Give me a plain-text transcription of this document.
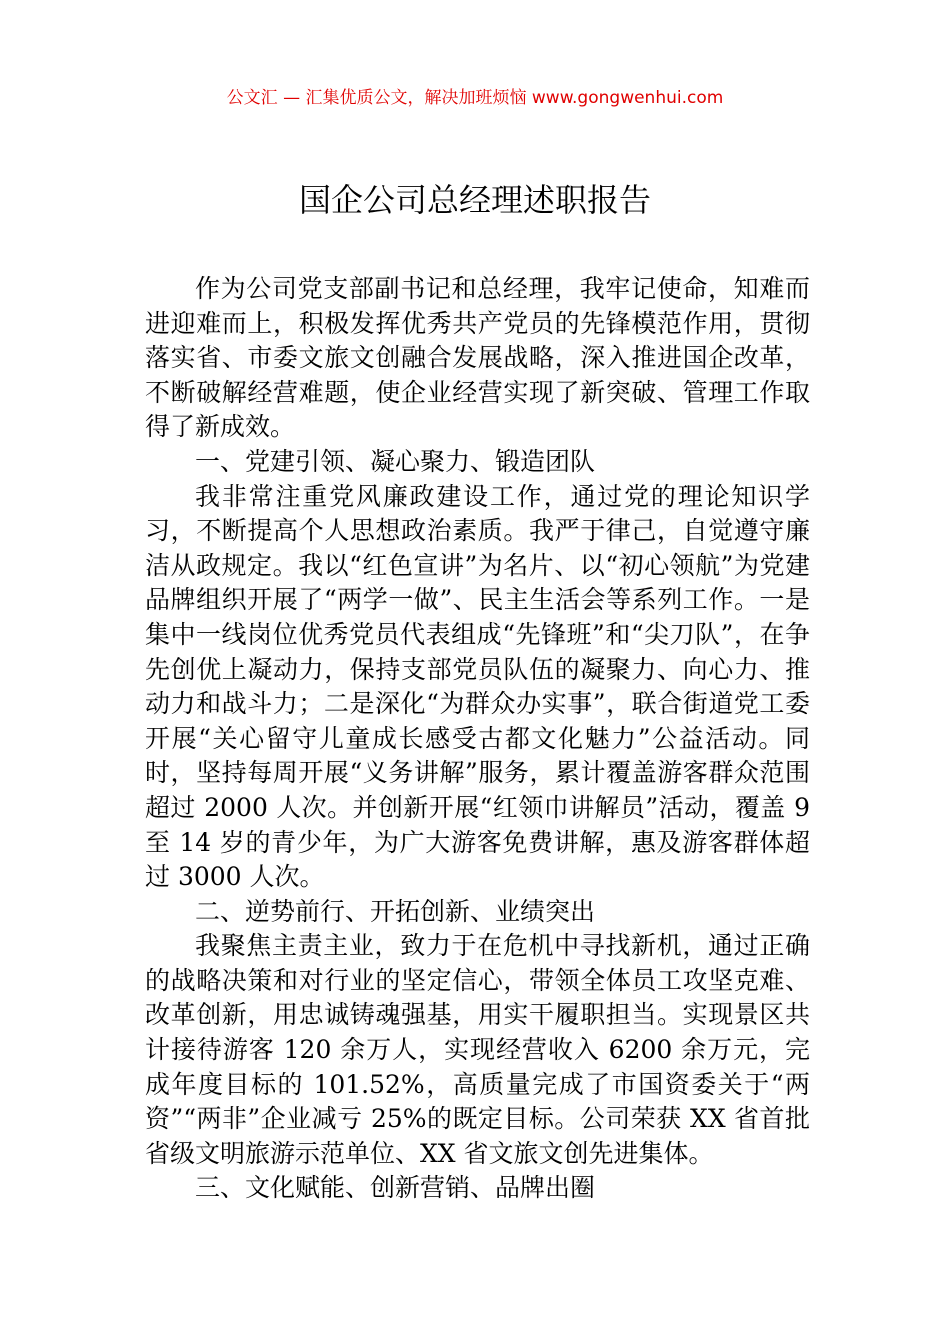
公文汇 — 汇集优质公文，解决加班烦恼 www.gongwenhui.com
国企公司总经理述职报告

作为公司党支部副书记和总经理，我牢记使命，知难而进迎难而上，积极发挥优秀共产党员的先锋模范作用，贯彻落实省、市委文旅文创融合发展战略，深入推进国企改革，不断破解经营难题，使企业经营实现了新突破、管理工作取得了新成效。

一、党建引领、凝心聚力、锻造团队

我非常注重党风廉政建设工作，通过党的理论知识学习，不断提高个人思想政治素质。我严于律己，自觉遵守廉洁从政规定。我以“红色宣讲”为名片、以“初心领航”为党建品牌组织开展了“两学一做”、民主生活会等系列工作。一是集中一线岗位优秀党员代表组成“先锋班”和“尖刀队”，在争先创优上凝动力，保持支部党员队伍的凝聚力、向心力、推动力和战斗力；二是深化“为群众办实事”，联合街道党工委开展“关心留守儿童成长感受古都文化魅力”公益活动。同时，坚持每周开展“义务讲解”服务，累计覆盖游客群众范围超过 2000 人次。并创新开展“红领巾讲解员”活动，覆盖 9 至 14 岁的青少年，为广大游客免费讲解，惠及游客群体超过 3000 人次。

二、逆势前行、开拓创新、业绩突出

我聚焦主责主业，致力于在危机中寻找新机，通过正确的战略决策和对行业的坚定信心，带领全体员工攻坚克难、改革创新，用忠诚铸魂强基，用实干履职担当。实现景区共计接待游客 120 余万人，实现经营收入 6200 余万元，完成年度目标的 101.52%，高质量完成了市国资委关于“两资”“两非”企业减亏 25%的既定目标。公司荣获 XX 省首批省级文明旅游示范单位、XX 省文旅文创先进集体。

三、文化赋能、创新营销、品牌出圈
